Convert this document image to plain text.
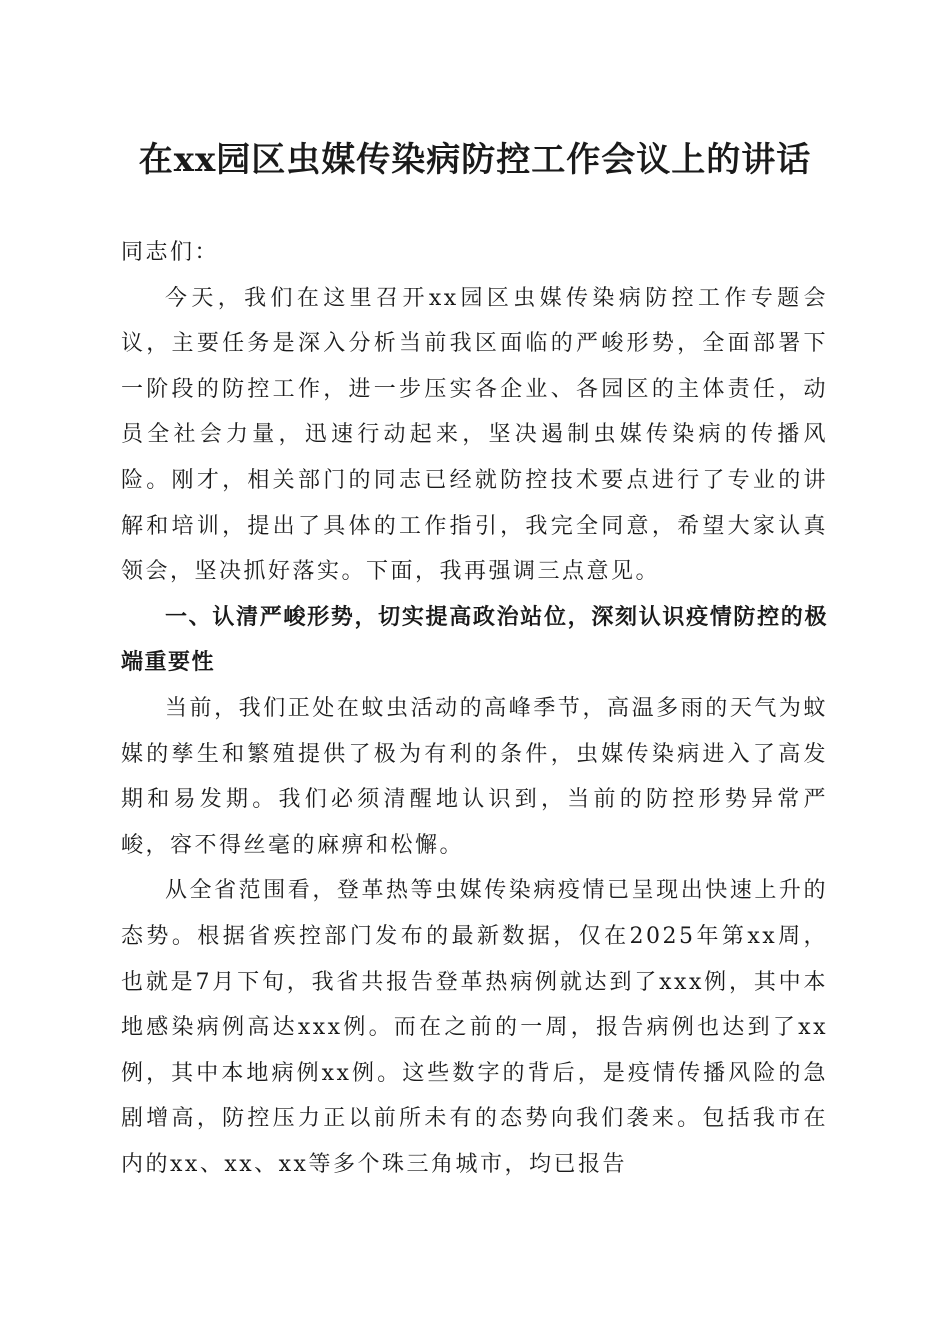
在xx园区虫媒传染病防控工作会议上的讲话

同志们：

今天，我们在这里召开xx园区虫媒传染病防控工作专题会议，主要任务是深入分析当前我区面临的严峻形势，全面部署下一阶段的防控工作，进一步压实各企业、各园区的主体责任，动员全社会力量，迅速行动起来，坚决遏制虫媒传染病的传播风险。刚才，相关部门的同志已经就防控技术要点进行了专业的讲解和培训，提出了具体的工作指引，我完全同意，希望大家认真领会，坚决抓好落实。下面，我再强调三点意见。

一、认清严峻形势，切实提高政治站位，深刻认识疫情防控的极端重要性

当前，我们正处在蚊虫活动的高峰季节，高温多雨的天气为蚊媒的孳生和繁殖提供了极为有利的条件，虫媒传染病进入了高发期和易发期。我们必须清醒地认识到，当前的防控形势异常严峻，容不得丝毫的麻痹和松懈。

从全省范围看，登革热等虫媒传染病疫情已呈现出快速上升的态势。根据省疾控部门发布的最新数据，仅在2025年第xx周，也就是7月下旬，我省共报告登革热病例就达到了xxx例，其中本地感染病例高达xxx例。而在之前的一周，报告病例也达到了xx例，其中本地病例xx例。这些数字的背后，是疫情传播风险的急剧增高，防控压力正以前所未有的态势向我们袭来。包括我市在内的xx、xx、xx等多个珠三角城市，均已报告
